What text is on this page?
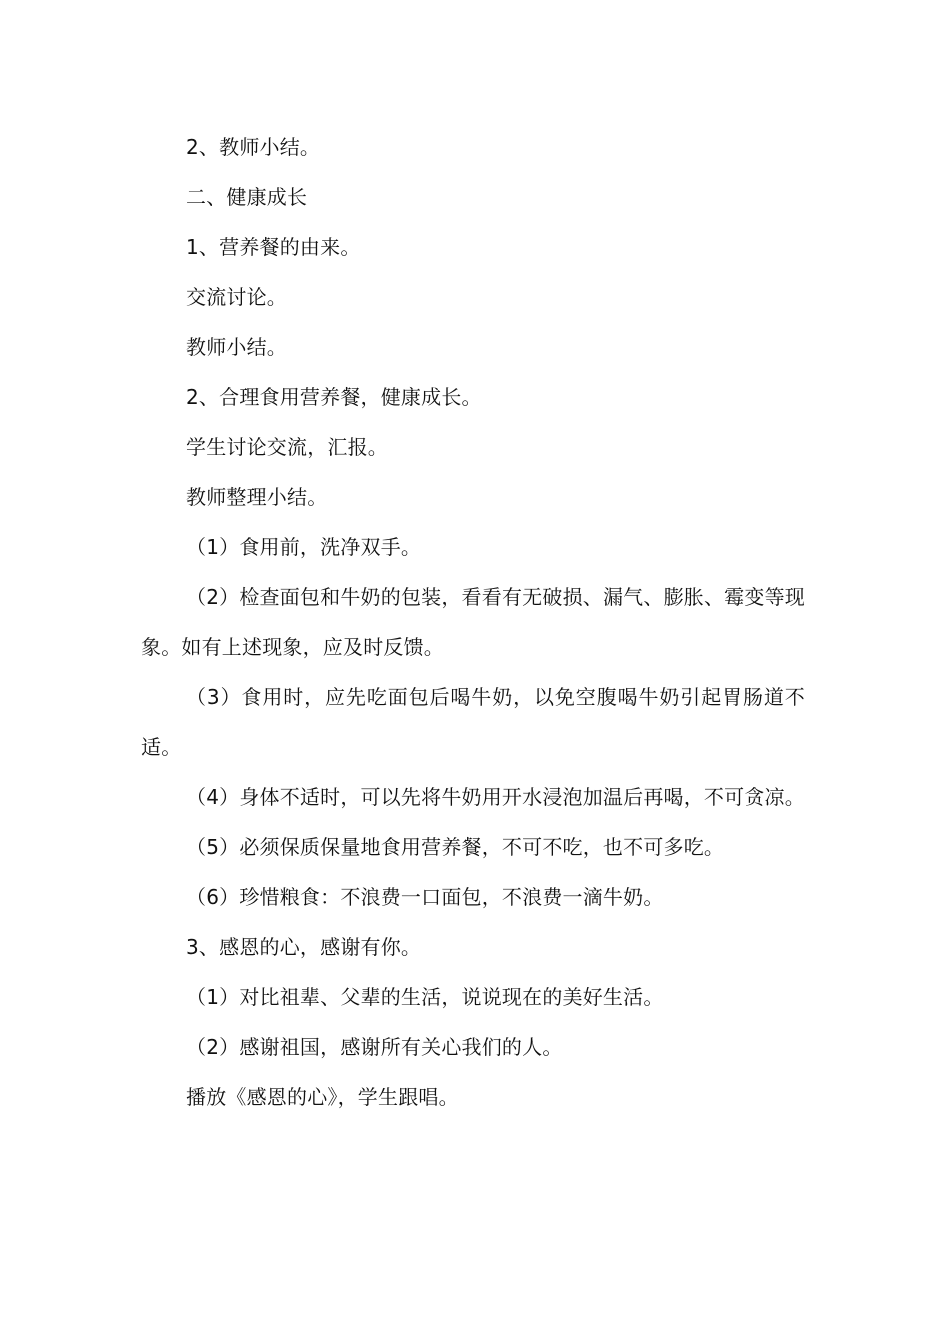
2、教师小结。

二、健康成长

1、营养餐的由来。

交流讨论。

教师小结。

2、合理食用营养餐，健康成长。

学生讨论交流，汇报。

教师整理小结。

（1）食用前，洗净双手。

（2）检查面包和牛奶的包装，看看有无破损、漏气、膨胀、霉变等现象。如有上述现象，应及时反馈。

（3）食用时，应先吃面包后喝牛奶，以免空腹喝牛奶引起胃肠道不适。

（4）身体不适时，可以先将牛奶用开水浸泡加温后再喝，不可贪凉。

（5）必须保质保量地食用营养餐，不可不吃，也不可多吃。

（6）珍惜粮食：不浪费一口面包，不浪费一滴牛奶。

3、感恩的心，感谢有你。

（1）对比祖辈、父辈的生活，说说现在的美好生活。

（2）感谢祖国，感谢所有关心我们的人。

播放《感恩的心》，学生跟唱。
